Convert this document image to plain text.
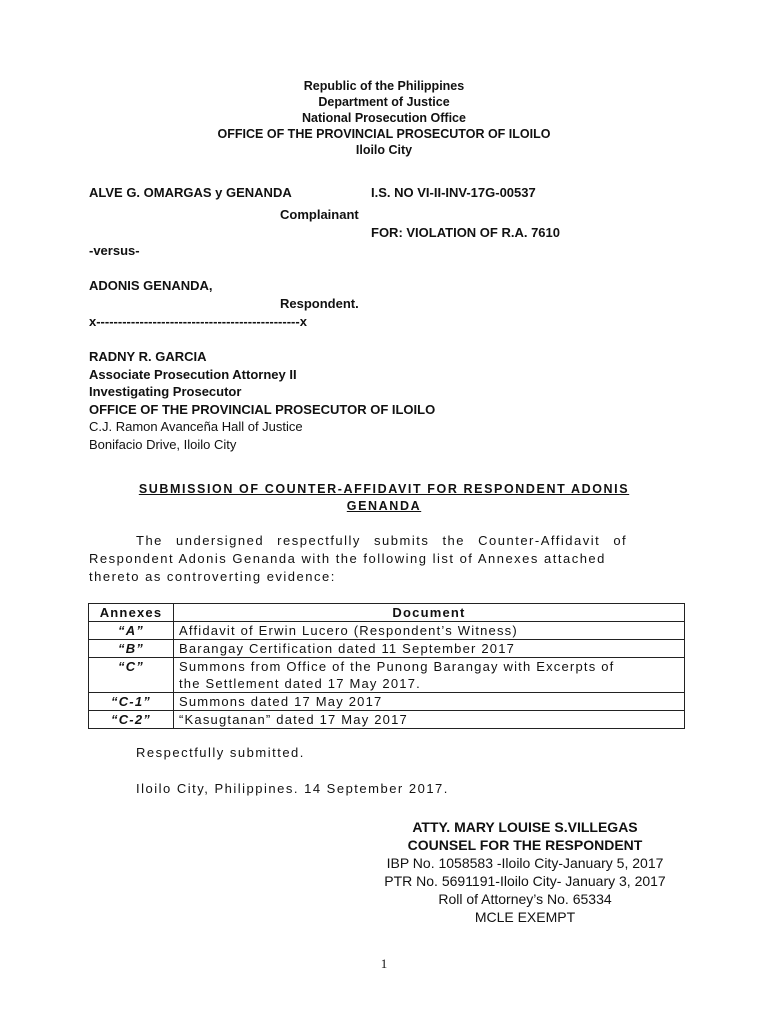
Republic of the Philippines
Department of Justice
National Prosecution Office
OFFICE OF THE PROVINCIAL PROSECUTOR OF ILOILO
Iloilo City
ALVE G. OMARGAS y GENANDA	I.S. NO VI-II-INV-17G-00537
Complainant
FOR: VIOLATION OF R.A. 7610
-versus-
ADONIS GENANDA,
Respondent.
x-----------------------------------------------x
RADNY R. GARCIA
Associate Prosecution Attorney II
Investigating Prosecutor
OFFICE OF THE PROVINCIAL PROSECUTOR OF ILOILO
C.J. Ramon Avanceña Hall of Justice
Bonifacio Drive, Iloilo City
SUBMISSION OF COUNTER-AFFIDAVIT FOR RESPONDENT ADONIS
GENANDA
The undersigned respectfully submits the Counter-Affidavit of
Respondent Adonis Genanda with the following list of Annexes attached
thereto as controverting evidence:
Annexes	Document
“A”	Affidavit of Erwin Lucero (Respondent’s Witness)
“B”	Barangay Certification dated 11 September 2017
“C”	Summons from Office of the Punong Barangay with Excerpts of
the Settlement dated 17 May 2017.

“C-1”	Summons dated 17 May 2017
“C-2”	“Kasugtanan” dated 17 May 2017
Respectfully submitted.
Iloilo City, Philippines. 14 September 2017.
ATTY. MARY LOUISE S.VILLEGAS
COUNSEL FOR THE RESPONDENT
IBP No. 1058583 -Iloilo City-January 5, 2017
PTR No. 5691191-Iloilo City- January 3, 2017
Roll of Attorney’s No. 65334
MCLE EXEMPT
1
